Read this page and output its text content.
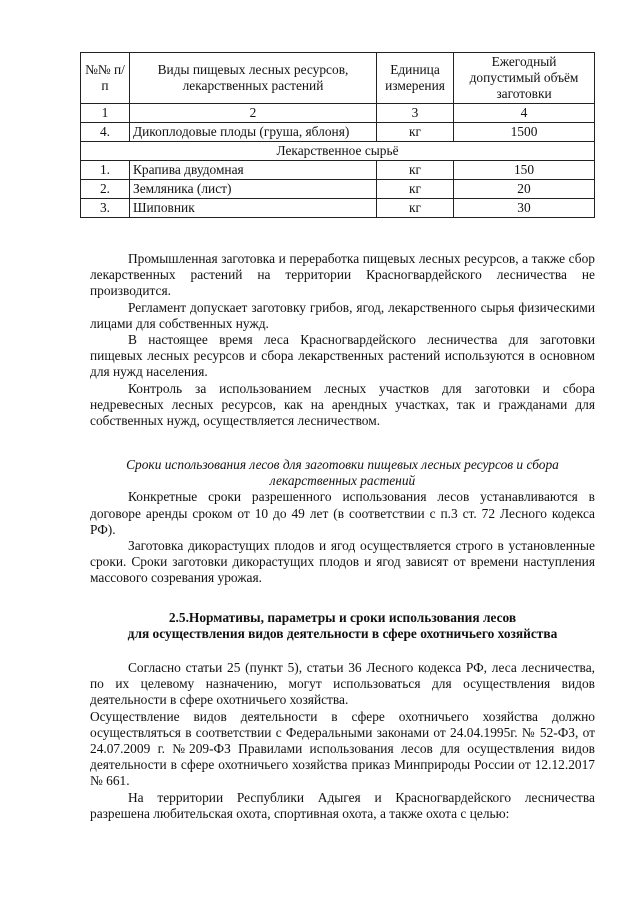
№№ п/п	Виды пищевых лесных ресурсов, лекарственных растений	Единица измерения	Ежегодный допустимый объём заготовки
1	2	3	4
4.	Дикоплодовые плоды (груша, яблоня)	кг	1500
Лекарственное сырьё			
1.	Крапива двудомная	кг	150
2.	Земляника (лист)	кг	20
3.	Шиповник	кг	30

Промышленная заготовка и переработка пищевых лесных ресурсов, а также сбор лекарственных растений на территории Красногвардейского лесничества не производится.

Регламент допускает заготовку грибов, ягод, лекарственного сырья физическими лицами для собственных нужд.

В настоящее время леса Красногвардейского лесничества для заготовки пищевых лесных ресурсов и сбора лекарственных растений используются в основном для нужд населения.

Контроль за использованием лесных участков для заготовки и сбора недревесных лесных ресурсов, как на арендных участках, так и гражданами для собственных нужд, осуществляется лесничеством.

Сроки использования лесов для заготовки пищевых лесных ресурсов и сбора лекарственных растений

Конкретные сроки разрешенного использования лесов устанавливаются в договоре аренды сроком от 10 до 49 лет (в соответствии с п.3 ст. 72 Лесного кодекса РФ).

Заготовка дикорастущих плодов и ягод осуществляется строго в установленные сроки. Сроки заготовки дикорастущих плодов и ягод зависят от времени наступления массового созревания урожая.

2.5.Нормативы, параметры и сроки использования лесов

для осуществления видов деятельности в сфере охотничьего хозяйства

Согласно статьи 25 (пункт 5), статьи 36 Лесного кодекса РФ, леса лесничества, по их целевому назначению, могут использоваться для осуществления видов деятельности в сфере охотничьего хозяйства.

Осуществление видов деятельности в сфере охотничьего хозяйства должно осуществляться в соответствии с Федеральными законами от 24.04.1995г. № 52-ФЗ, от 24.07.2009 г. №209-ФЗ Правилами использования лесов для осуществления видов деятельности в сфере охотничьего хозяйства приказ Минприроды России от 12.12.2017 № 661.

На территории Республики Адыгея и Красногвардейского лесничества разрешена любительская охота, спортивная охота, а также охота с целью:
